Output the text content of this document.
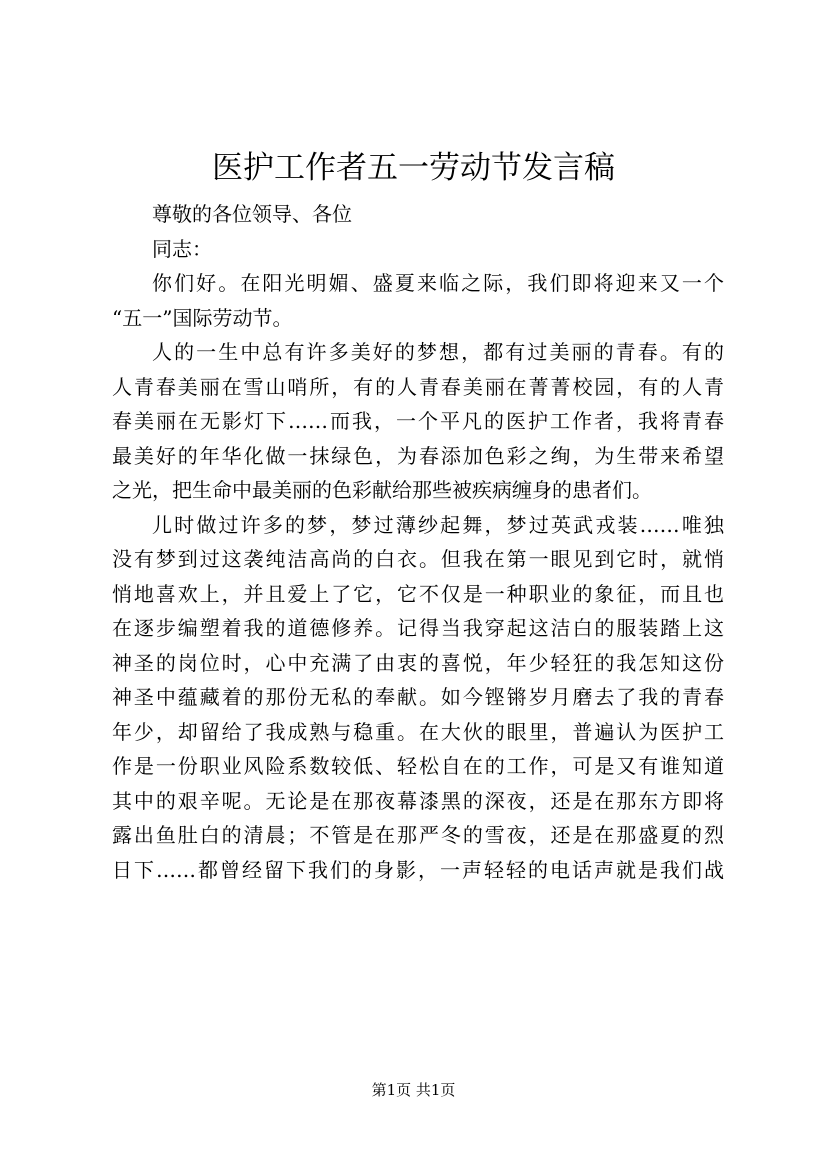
医护工作者五一劳动节发言稿
尊敬的各位领导、各位
同志：
你们好。在阳光明媚、盛夏来临之际，我们即将迎来又一个
“五一”国际劳动节。
人的一生中总有许多美好的梦想，都有过美丽的青春。有的
人青春美丽在雪山哨所，有的人青春美丽在菁菁校园，有的人青
春美丽在无影灯下……而我，一个平凡的医护工作者，我将青春
最美好的年华化做一抹绿色，为春添加色彩之绚，为生带来希望
之光，把生命中最美丽的色彩献给那些被疾病缠身的患者们。
儿时做过许多的梦，梦过薄纱起舞，梦过英武戎装……唯独
没有梦到过这袭纯洁高尚的白衣。但我在第一眼见到它时，就悄
悄地喜欢上，并且爱上了它，它不仅是一种职业的象征，而且也
在逐步编塑着我的道德修养。记得当我穿起这洁白的服装踏上这
神圣的岗位时，心中充满了由衷的喜悦，年少轻狂的我怎知这份
神圣中蕴藏着的那份无私的奉献。如今铿锵岁月磨去了我的青春
年少，却留给了我成熟与稳重。在大伙的眼里，普遍认为医护工
作是一份职业风险系数较低、轻松自在的工作，可是又有谁知道
其中的艰辛呢。无论是在那夜幕漆黑的深夜，还是在那东方即将
露出鱼肚白的清晨；不管是在那严冬的雪夜，还是在那盛夏的烈
日下……都曾经留下我们的身影，一声轻轻的电话声就是我们战
第1页 共1页
